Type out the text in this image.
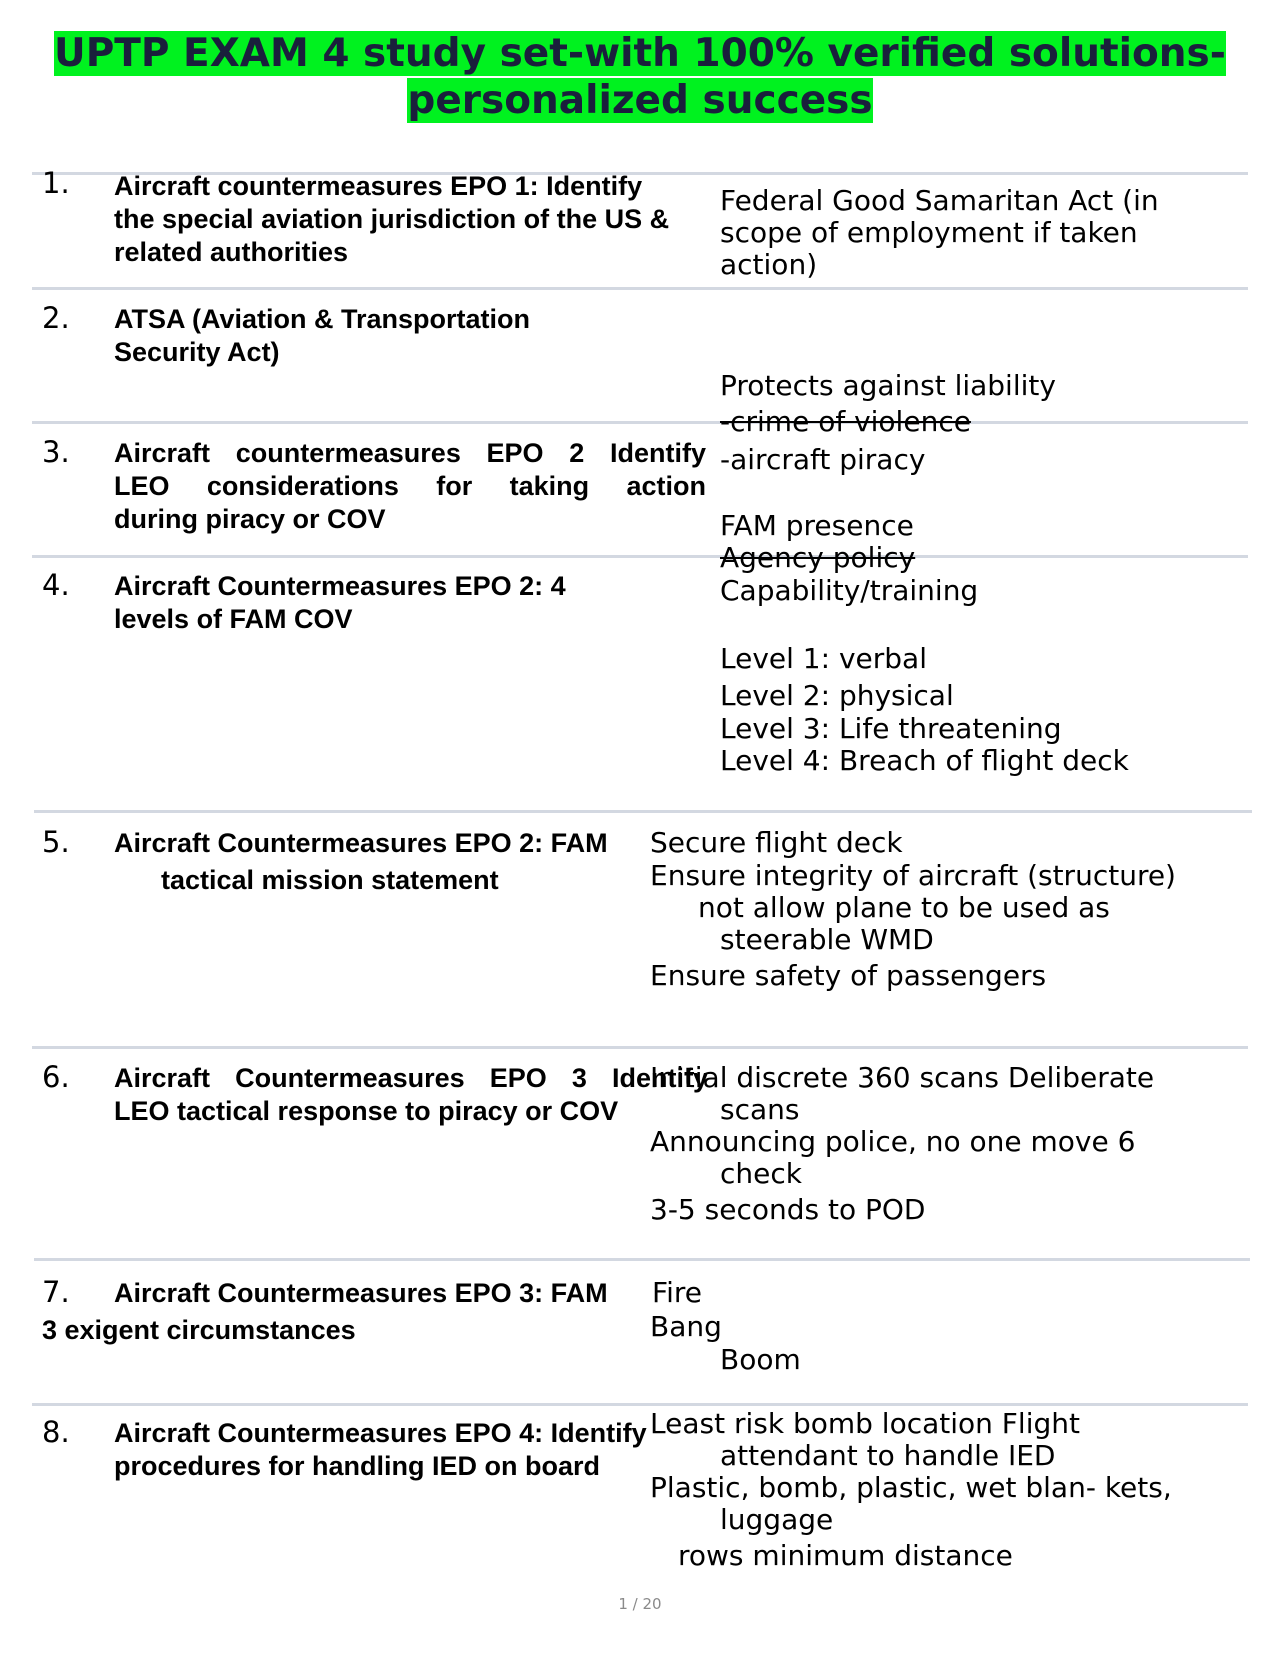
UPTP EXAM 4 study set-with 100% verified solutions-
personalized success
1. Aircraft countermeasures EPO 1: Identify the special aviation jurisdiction of the US & related authorities
Federal Good Samaritan Act (in
scope of employment if taken
action)
2. ATSA (Aviation & Transportation Security Act)
Protects against liability
-crime of violence
-aircraft piracy
3. Aircraft countermeasures EPO 2 Identify
LEO considerations for taking action
during piracy or COV	FAM presence
Agency policy
Capability/training
4. Aircraft Countermeasures EPO 2: 4 levels of FAM COV
Level 1: verbal
Level 2: physical
Level 3: Life threatening
Level 4: Breach of flight deck
5. Aircraft Countermeasures EPO 2: FAM
tactical mission statement
Secure flight deck
Ensure integrity of aircraft (structure)
not allow plane to be used as
steerable WMD
Ensure safety of passengers
6. Aircraft Countermeasures EPO 3 Identify
LEO tactical response to piracy or COV
Initial discrete 360 scans Deliberate
scans
Announcing police, no one move 6
check
3-5 seconds to POD
7. Aircraft Countermeasures EPO 3: FAM
3 exigent circumstances
Fire
Bang
Boom
8. Aircraft Countermeasures EPO 4: Identify procedures for handling IED on board
Least risk bomb location Flight
attendant to handle IED
Plastic, bomb, plastic, wet blan- kets,
luggage
rows minimum distance
1 / 20
